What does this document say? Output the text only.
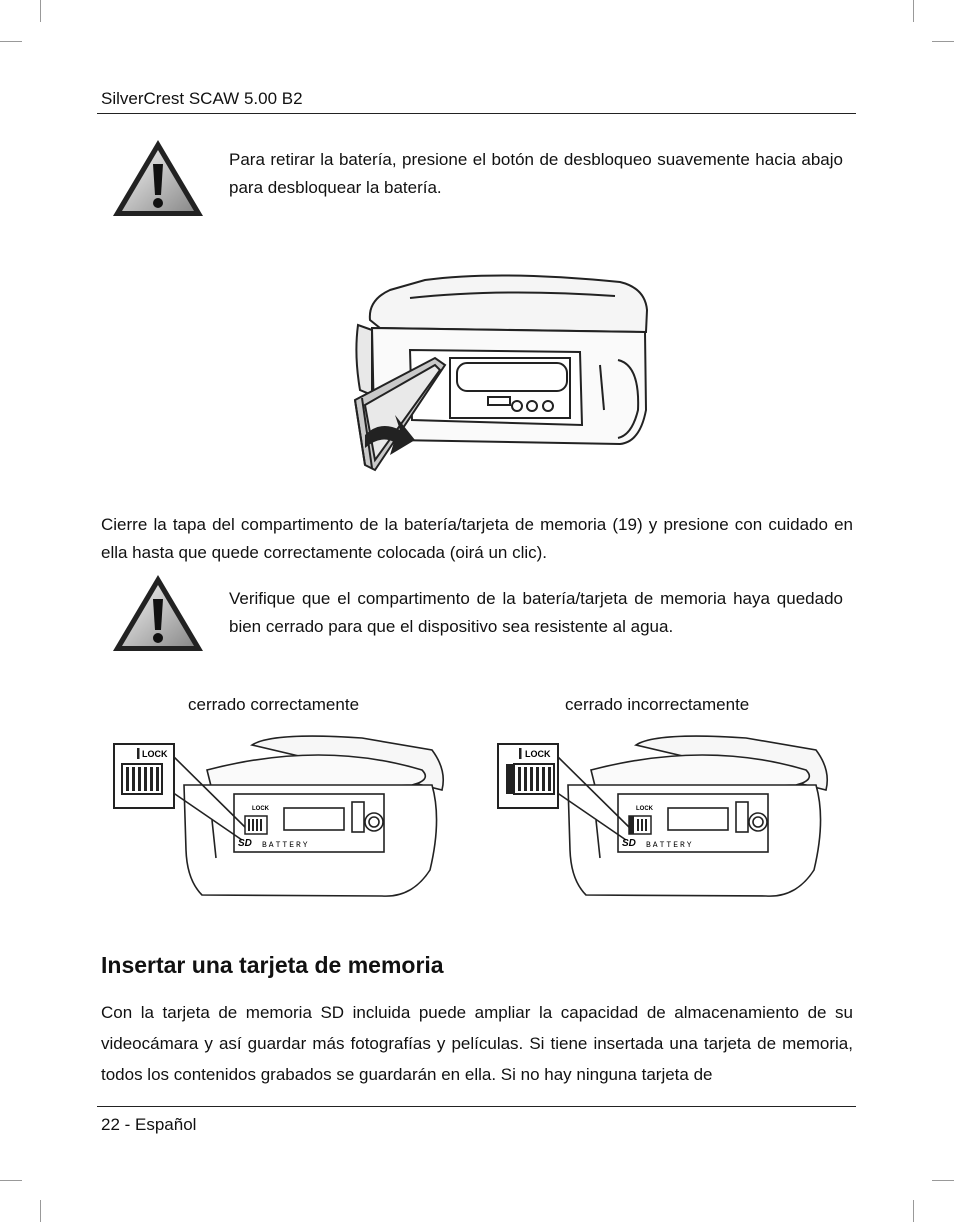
SilverCrest SCAW 5.00 B2
Para retirar la batería, presione el botón de desbloqueo suavemente hacia abajo para desbloquear la batería.
Cierre la tapa del compartimento de la batería/tarjeta de memoria (19) y presione con cuidado en ella hasta que quede correctamente colocada (oirá un clic).
Verifique que el compartimento de la batería/tarjeta de memoria haya quedado bien cerrado para que el dispositivo sea resistente al agua.
cerrado correctamente	cerrado incorrectamente
LOCK
LOCK
SD BATTERY
LOCK
LOCK
SD BATTERY
Insertar una tarjeta de memoria
Con la tarjeta de memoria SD incluida puede ampliar la capacidad de almacenamiento de su videocámara y así guardar más fotografías y películas. Si tiene insertada una tarjeta de memoria, todos los contenidos grabados se guardarán en ella. Si no hay ninguna tarjeta de
22 - Español
